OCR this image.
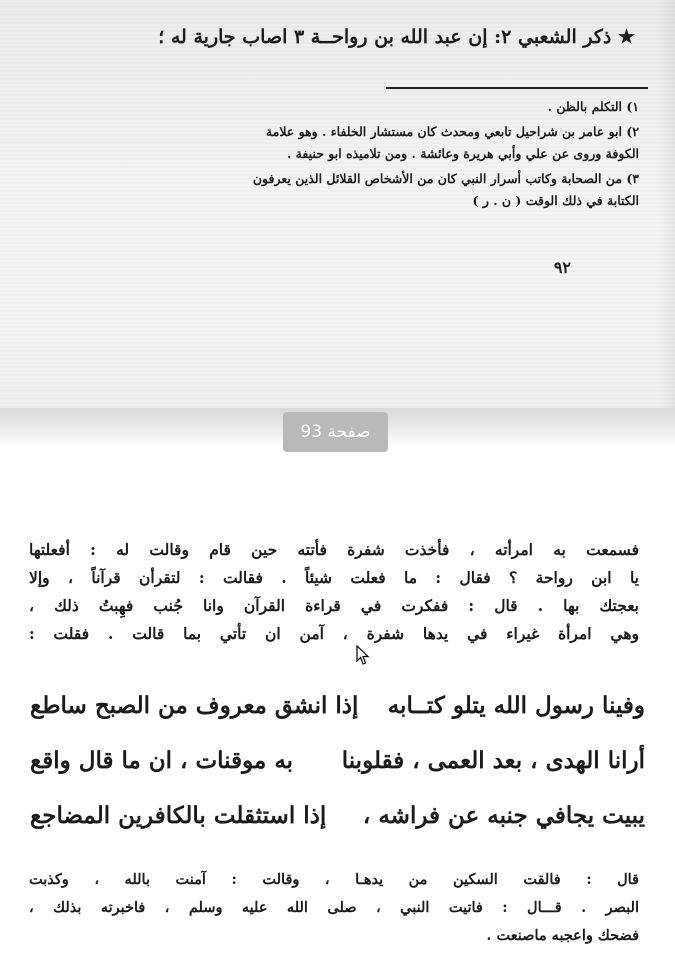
★ ذكر الشعبي ٢: إن عبد الله بن رواحــة ٣ اصاب جارية له ؛

١) التكلم بالظن .

٢) ابو عامر بن شراحيل تابعي ومحدث كان مستشار الخلفاء . وهو علامة

الكوفة وروى عن علي وأبي هريرة وعائشة . ومن تلاميذه ابو حنيفة .

٣) من الصحابة وكاتب أسرار النبي كان من الأشخاص القلائل الذين يعرفون

الكتابة في ذلك الوقت ( ن . ر )

٩٢
صفحة 93

فسمعت به امرأته ، فأخذت شفرة فأتته حين قام وقالت له : أفعلتها

يا ابن رواحة ؟ فقال : ما فعلت شيئاً . فقالت : لتقرأن قرآناً ، وإلا

بعجتك بها . قال : ففكرت في قراءة القرآن وانا جُنب فهِبتُ ذلك ،

وهي امرأة غيراء في يدها شفرة ، آمن ان تأتي بما قالت . فقلت :

وفينا رسول الله يتلو كتــابه
إذا انشق معروف من الصبح ساطع
أرانا الهدى ، بعد العمى ، فقلوبنا
به موقنات ، ان ما قال واقع
يبيت يجافي جنبه عن فراشه ،
إذا استثقلت بالكافرين المضاجع

قال : فالقت السكين من يدهـا ، وقالت : آمنت بالله ، وكذبت

البصر . قـــال : فاتيت النبي ، صلى الله عليه وسلم ، فاخبرته بذلك ،

فضحك واعجبه ماصنعت .
